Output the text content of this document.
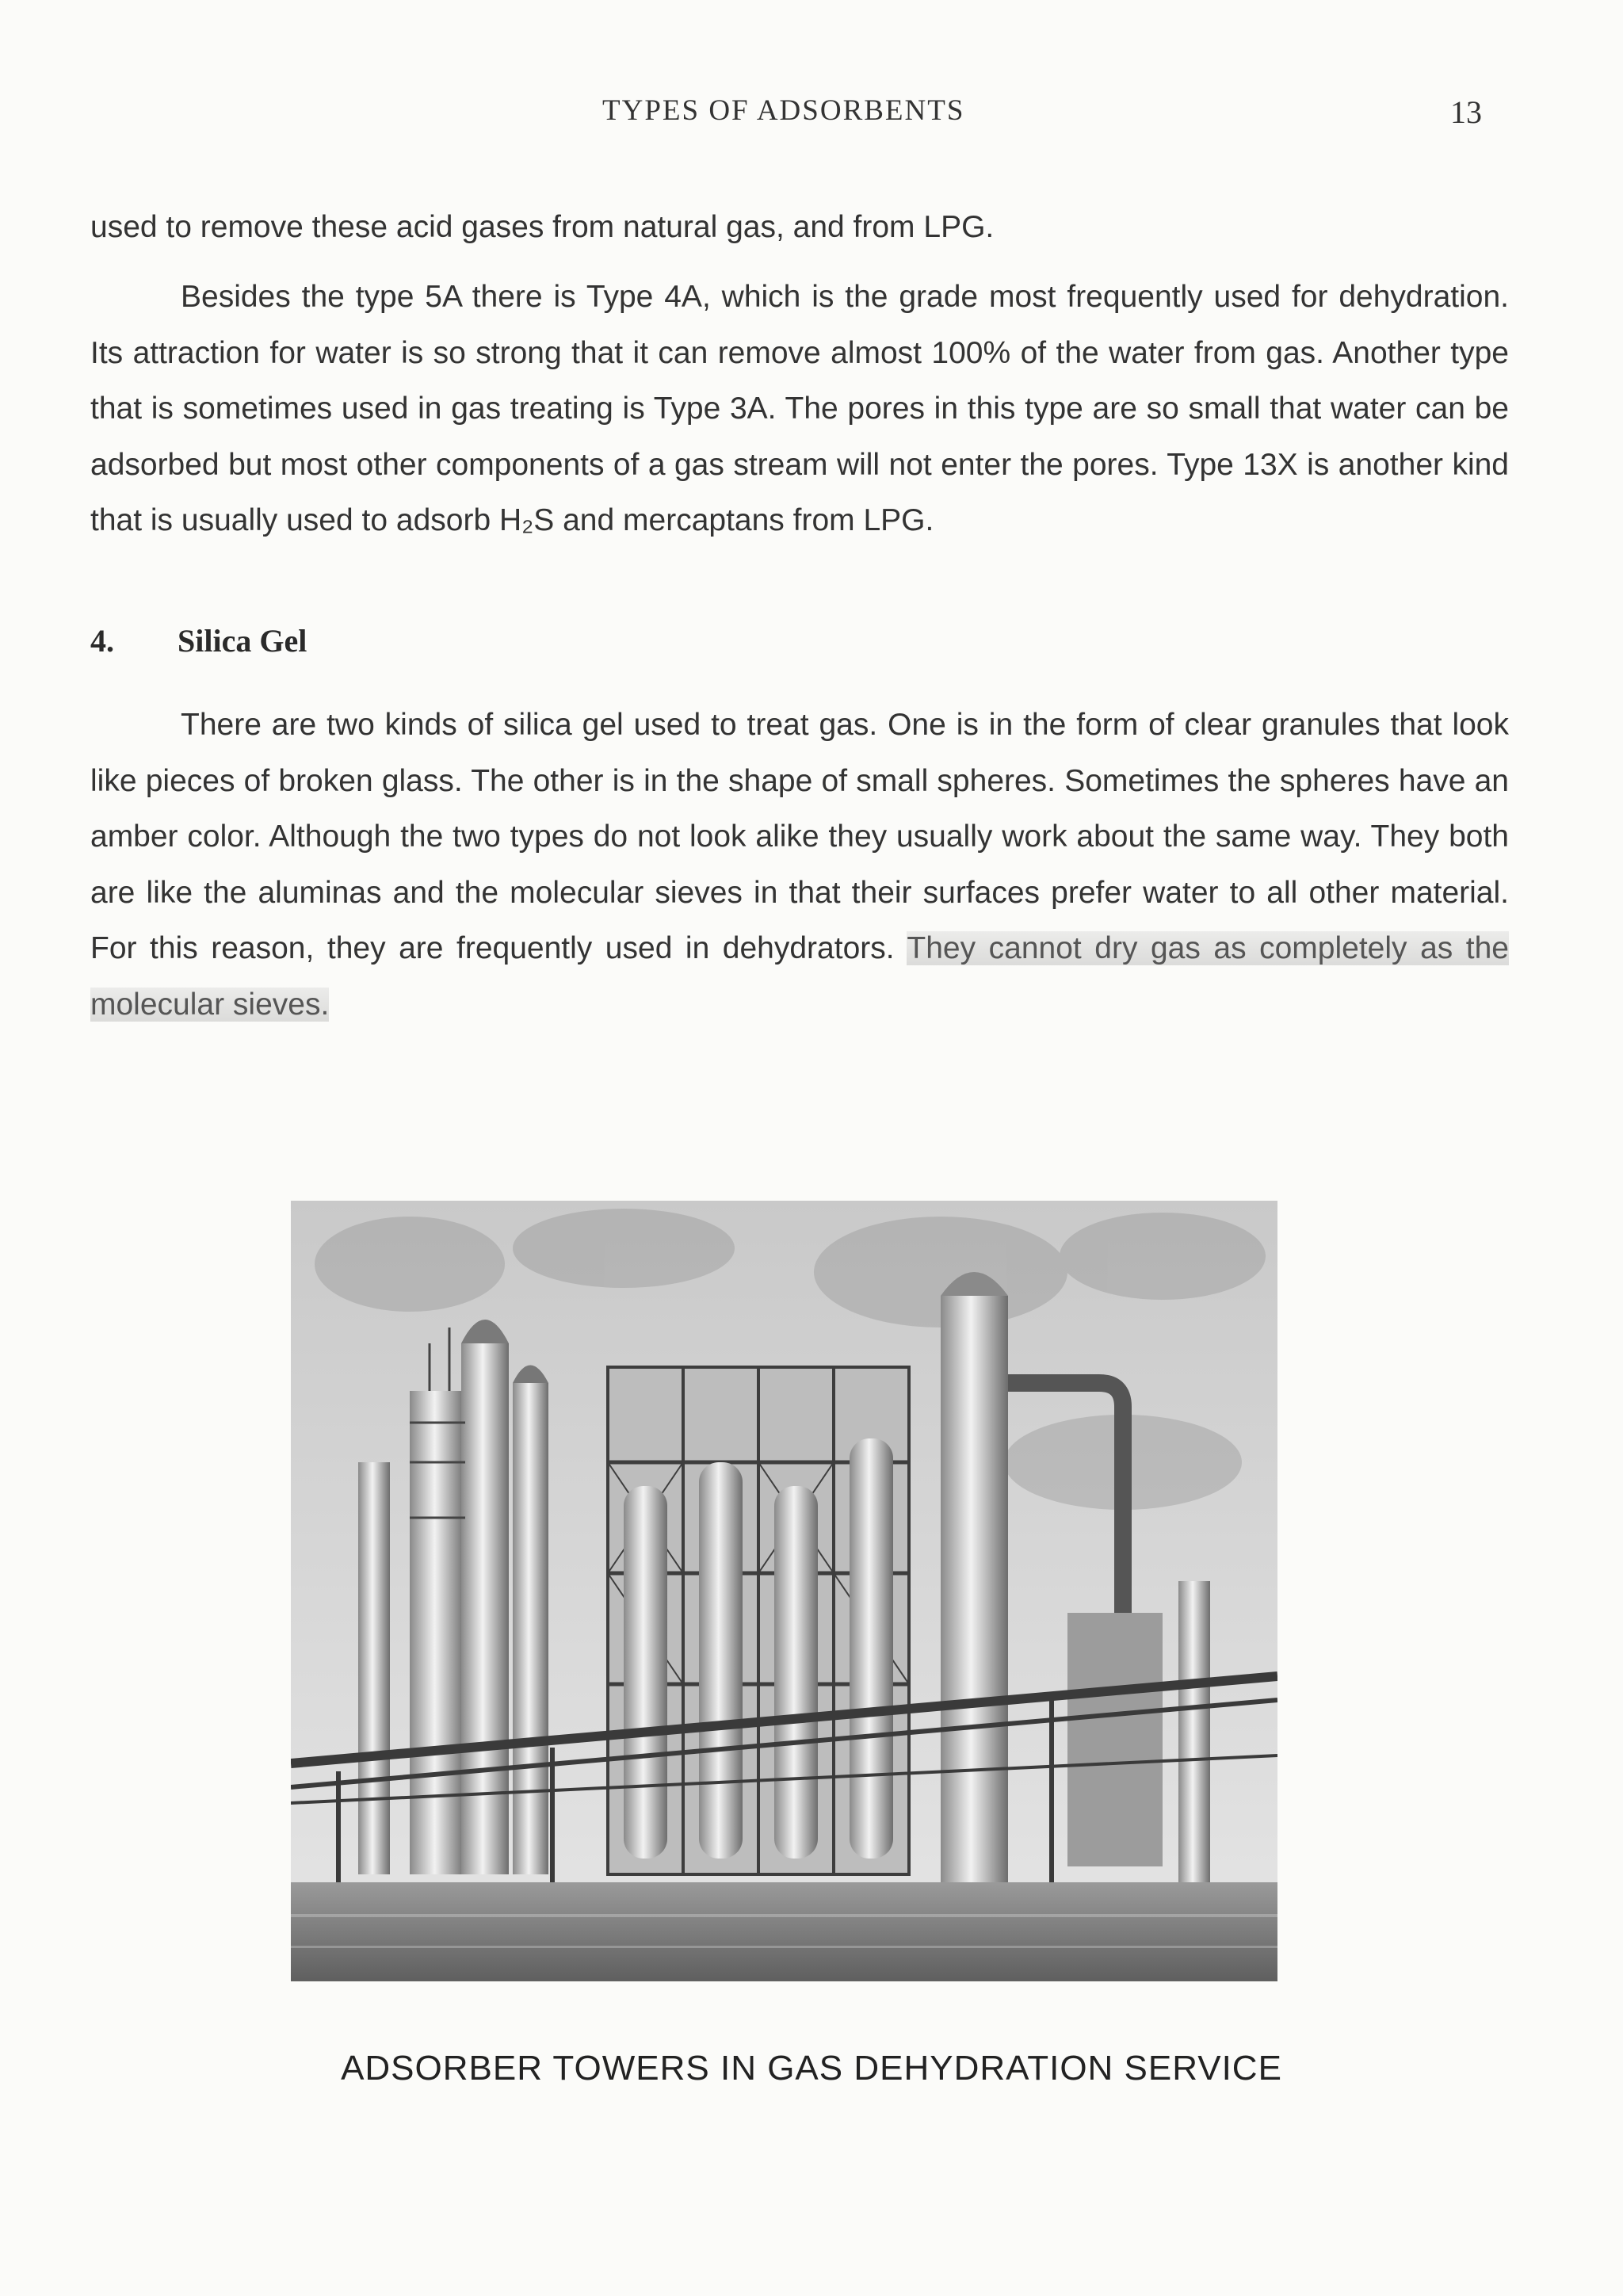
TYPES OF ADSORBENTS	13

used to remove these acid gases from natural gas, and from LPG.

Besides the type 5A there is Type 4A, which is the grade most frequently used for dehydration. Its attraction for water is so strong that it can remove almost 100% of the water from gas. Another type that is sometimes used in gas treating is Type 3A. The pores in this type are so small that water can be adsorbed but most other components of a gas stream will not enter the pores. Type 13X is another kind that is usually used to adsorb H₂S and mercaptans from LPG.

4. Silica Gel

There are two kinds of silica gel used to treat gas. One is in the form of clear granules that look like pieces of broken glass. The other is in the shape of small spheres. Sometimes the spheres have an amber color. Although the two types do not look alike they usually work about the same way. They both are like the aluminas and the molecular sieves in that their surfaces prefer water to all other material. For this reason, they are frequently used in dehydrators. They cannot dry gas as completely as the molecular sieves.

ADSORBER TOWERS IN GAS DEHYDRATION SERVICE
